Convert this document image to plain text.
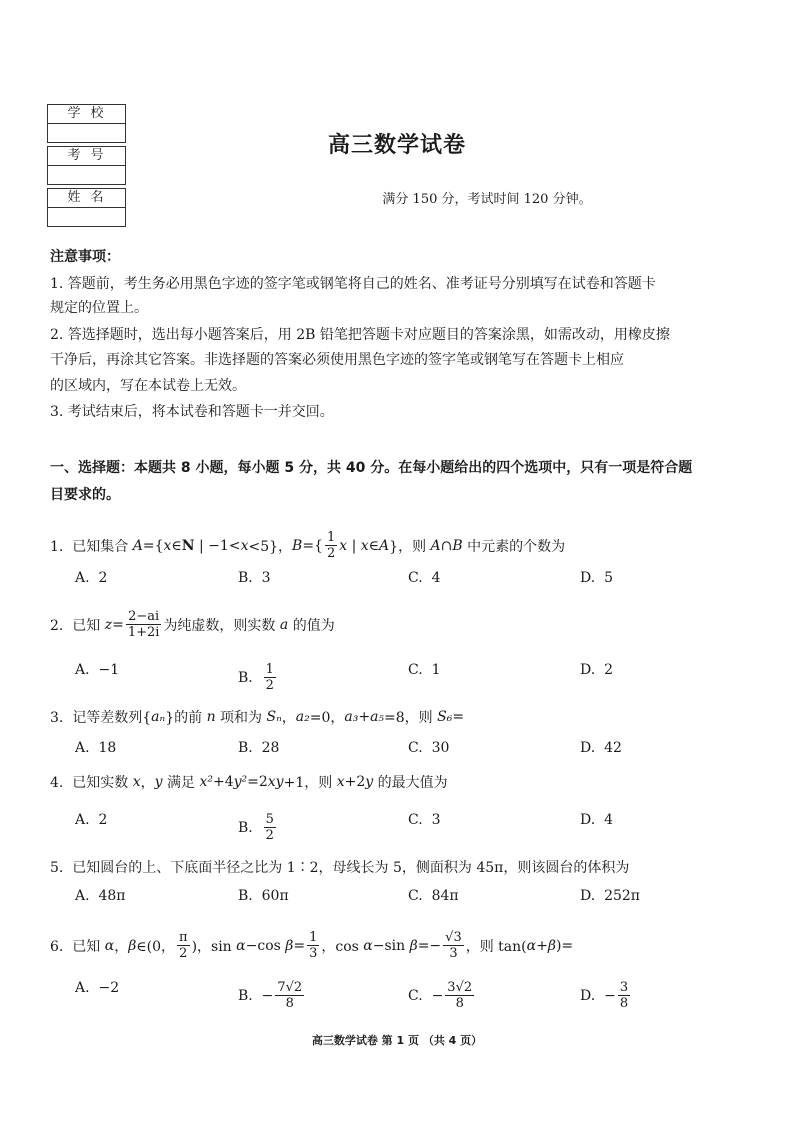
学校
考号
姓名
高三数学试卷
满分 150 分，考试时间 120 分钟。
注意事项：
1. 答题前，考生务必用黑色字迹的签字笔或钢笔将自己的姓名、准考证号分别填写在试卷和答题卡
规定的位置上。
2. 答选择题时，选出每小题答案后，用 2B 铅笔把答题卡对应题目的答案涂黑，如需改动，用橡皮擦
干净后，再涂其它答案。非选择题的答案必须使用黑色字迹的签字笔或钢笔写在答题卡上相应
的区域内，写在本试卷上无效。
3. 考试结束后，将本试卷和答题卡一并交回。
一、选择题：本题共 8 小题，每小题 5 分，共 40 分。在每小题给出的四个选项中，只有一项是符合题
目要求的。
1.  已知集合 A ={ x ∈ N | −1< x <5}， B ={ $\frac{1}{2}$ x | x ∈ A }，则 A ∩ B 中元素的个数为
A.  2	B.  3	C.  4	D.  5
2.  已知 $z = \frac{2-ai}{1+2i}$ 为纯虚数，则实数 a 的值为
A.  −1	B. $\frac{1}{2}$	C.  1	D.  2
3.  记等差数列{ aₙ }的前 n 项和为 Sₙ ， a₂ =0， a₃ + a₅ =8，则 S₆ =
A.  18	B.  28	C.  30	D.  42
4.  已知实数 x ， y 满足 x² +4 y² =2 xy +1，则 x +2 y 的最大值为
A.  2	B. $\frac{5}{2}$	C.  3	D.  4
5.  已知圆台的上、下底面半径之比为 1∶2，母线长为 5，侧面积为 45π，则该圆台的体积为
A.  48π	B.  60π	C.  84π	D.  252π
6.  已知 α ， β ∈(0， $\frac{\pi}{2}$ )，sin α −cos $\beta = \frac{1}{3}$ ，cos α −sin $\beta =- \frac{√3}{3}$ ，则 tan( α + β )=
A.  −2	B.  − $\frac{7√2}{8}$	C.  − $\frac{3√2}{8}$	D.  − $\frac{3}{8}$
高三数学试卷 第 1 页 （共 4 页）
